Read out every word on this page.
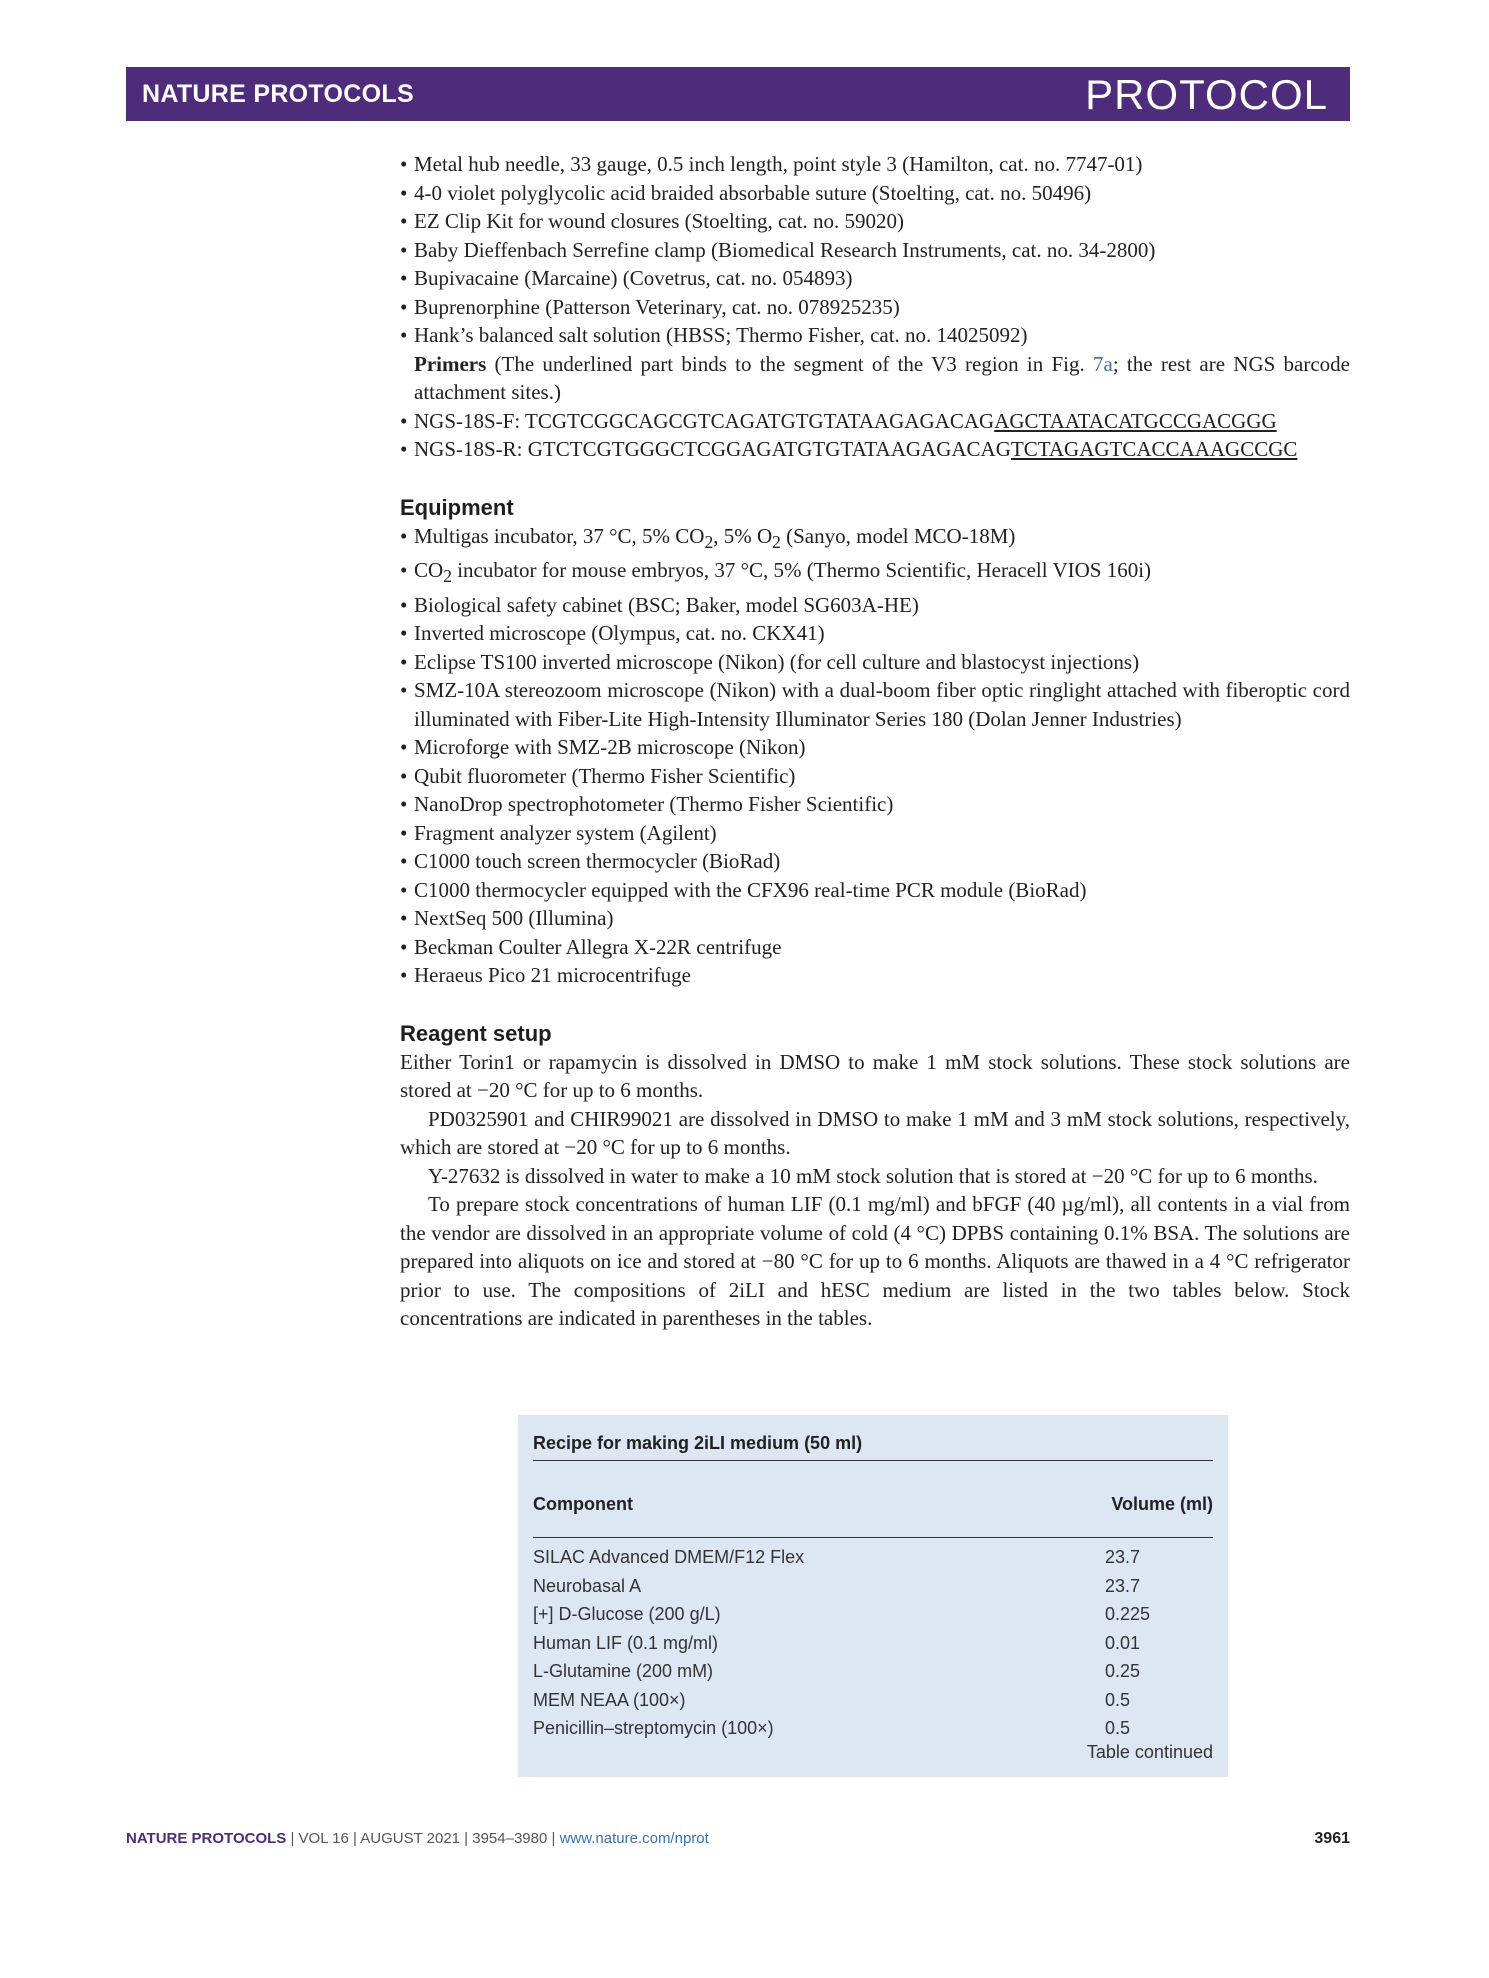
NATURE PROTOCOLS	PROTOCOL
• Metal hub needle, 33 gauge, 0.5 inch length, point style 3 (Hamilton, cat. no. 7747-01)
• 4-0 violet polyglycolic acid braided absorbable suture (Stoelting, cat. no. 50496)
• EZ Clip Kit for wound closures (Stoelting, cat. no. 59020)
• Baby Dieffenbach Serrefine clamp (Biomedical Research Instruments, cat. no. 34-2800)
• Bupivacaine (Marcaine) (Covetrus, cat. no. 054893)
• Buprenorphine (Patterson Veterinary, cat. no. 078925235)
• Hank’s balanced salt solution (HBSS; Thermo Fisher, cat. no. 14025092)
Primers (The underlined part binds to the segment of the V3 region in Fig. 7a; the rest are NGS barcode attachment sites.)
• NGS-18S-F: TCGTCGGCAGCGTCAGATGTGTATAAGAGACAGAGCTAATACATGCCGACGGG
• NGS-18S-R: GTCTCGTGGGCTCGGAGATGTGTATAAGAGACAGTCTAGAGTCACCAAAGCCGC
Equipment
• Multigas incubator, 37 °C, 5% $CO_2$, 5% $O_2$ (Sanyo, model MCO-18M)
• $CO_2$ incubator for mouse embryos, 37 °C, 5% (Thermo Scientific, Heracell VIOS 160i)
• Biological safety cabinet (BSC; Baker, model SG603A-HE)
• Inverted microscope (Olympus, cat. no. CKX41)
• Eclipse TS100 inverted microscope (Nikon) (for cell culture and blastocyst injections)
• SMZ-10A stereozoom microscope (Nikon) with a dual-boom fiber optic ringlight attached with fiberoptic cord illuminated with Fiber-Lite High-Intensity Illuminator Series 180 (Dolan Jenner Industries)
• Microforge with SMZ-2B microscope (Nikon)
• Qubit fluorometer (Thermo Fisher Scientific)
• NanoDrop spectrophotometer (Thermo Fisher Scientific)
• Fragment analyzer system (Agilent)
• C1000 touch screen thermocycler (BioRad)
• C1000 thermocycler equipped with the CFX96 real-time PCR module (BioRad)
• NextSeq 500 (Illumina)
• Beckman Coulter Allegra X-22R centrifuge
• Heraeus Pico 21 microcentrifuge
Reagent setup

Either Torin1 or rapamycin is dissolved in DMSO to make 1 mM stock solutions. These stock solutions are stored at −20 °C for up to 6 months.

PD0325901 and CHIR99021 are dissolved in DMSO to make 1 mM and 3 mM stock solutions, respectively, which are stored at −20 °C for up to 6 months.

Y-27632 is dissolved in water to make a 10 mM stock solution that is stored at −20 °C for up to 6 months.

To prepare stock concentrations of human LIF (0.1 mg/ml) and bFGF (40 µg/ml), all contents in a vial from the vendor are dissolved in an appropriate volume of cold (4 °C) DPBS containing 0.1% BSA. The solutions are prepared into aliquots on ice and stored at −80 °C for up to 6 months. Aliquots are thawed in a 4 °C refrigerator prior to use. The compositions of 2iLI and hESC medium are listed in the two tables below. Stock concentrations are indicated in parentheses in the tables.

Recipe for making 2iLI medium (50 ml)
Component	Volume (ml)
SILAC Advanced DMEM/F12 Flex	23.7
Neurobasal A	23.7
[+] D-Glucose (200 g/L)	0.225
Human LIF (0.1 mg/ml)	0.01
L-Glutamine (200 mM)	0.25
MEM NEAA (100×)	0.5
Penicillin–streptomycin (100×)	0.5
Table continued
NATURE PROTOCOLS | VOL 16 | AUGUST 2021 | 3954–3980 | www.nature.com/nprot	3961
